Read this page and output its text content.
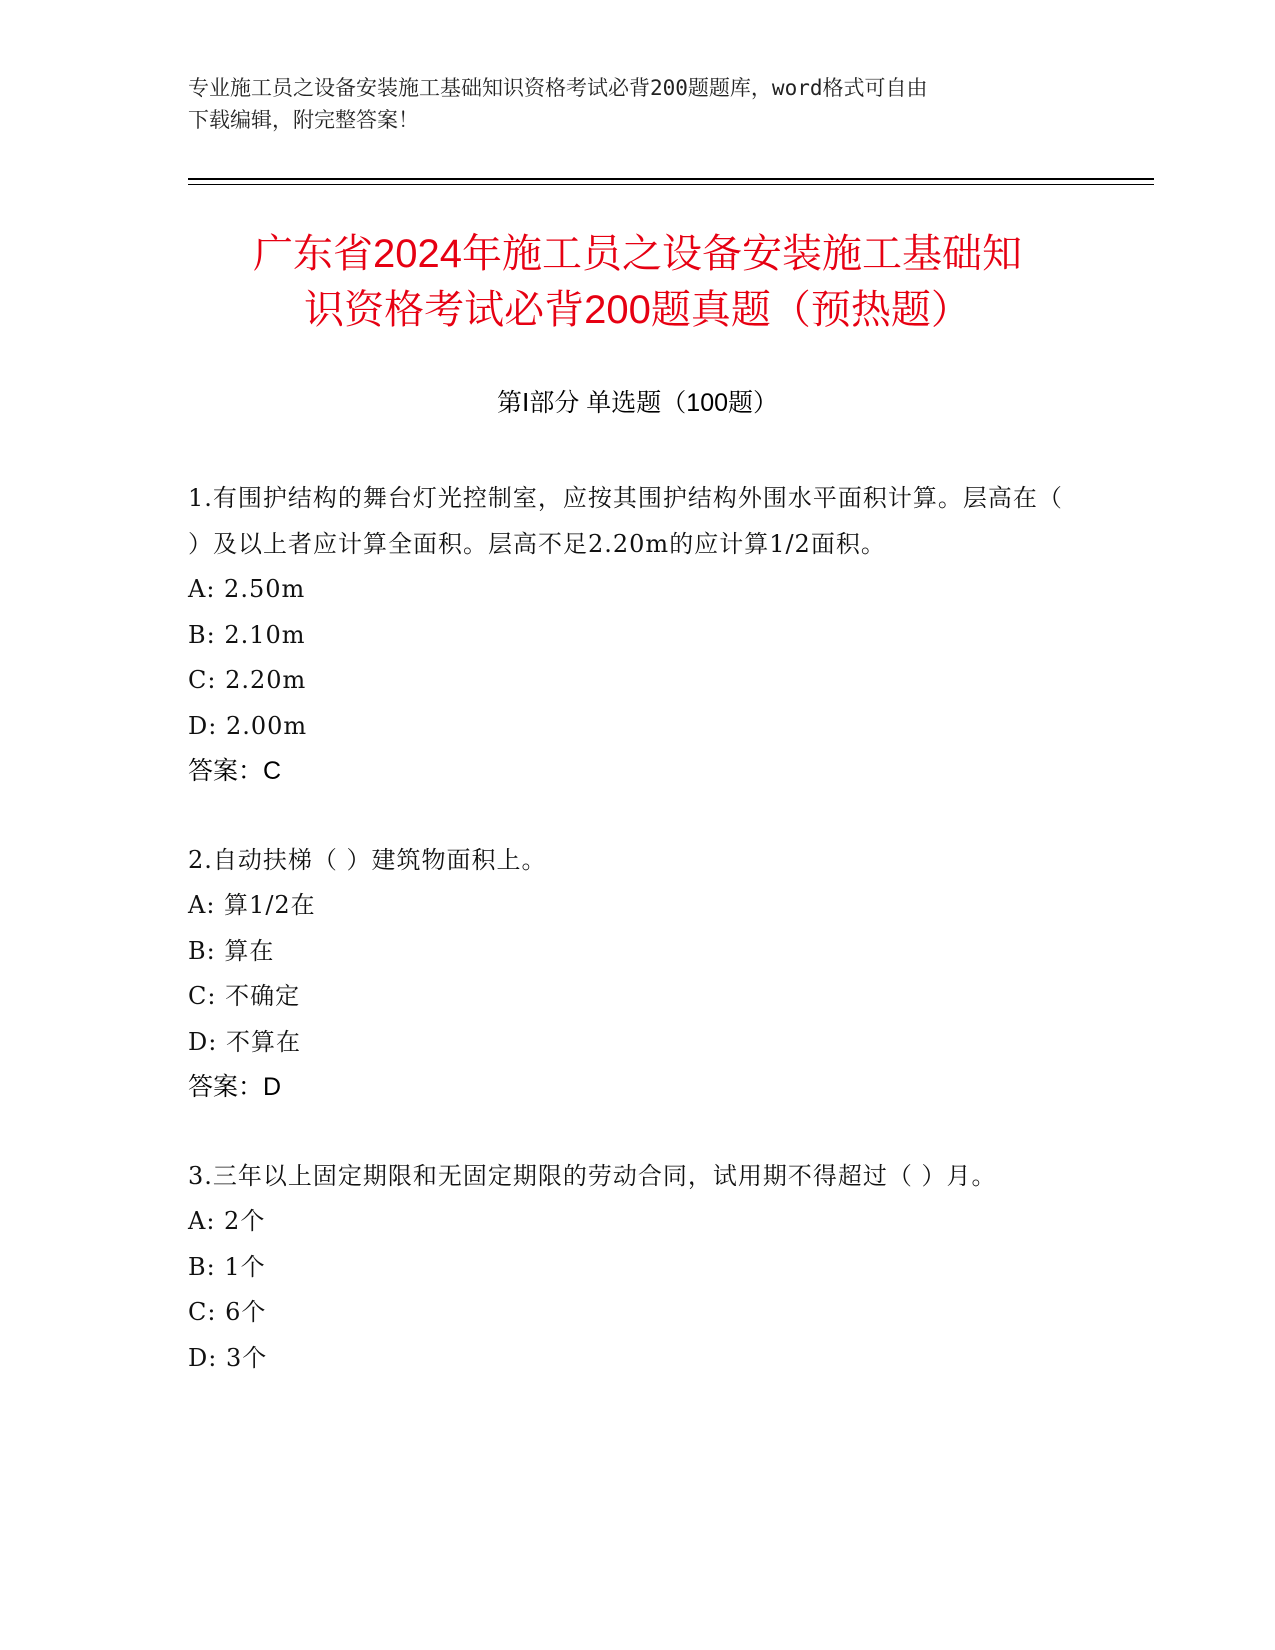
专业施工员之设备安装施工基础知识资格考试必背200题题库，word格式可自由
下载编辑，附完整答案！
广东省2024年施工员之设备安装施工基础知
识资格考试必背200题真题（预热题）
第Ⅰ部分 单选题（100题）

1.有围护结构的舞台灯光控制室，应按其围护结构外围水平面积计算。层高在（ ）及以上者应计算全面积。层高不足2.20m的应计算1/2面积。

A: 2.50m

B: 2.10m

C: 2.20m

D: 2.00m

答案：C

2.自动扶梯（ ）建筑物面积上。

A: 算1/2在

B: 算在

C: 不确定

D: 不算在

答案：D

3.三年以上固定期限和无固定期限的劳动合同，试用期不得超过（ ）月。

A: 2个

B: 1个

C: 6个

D: 3个
